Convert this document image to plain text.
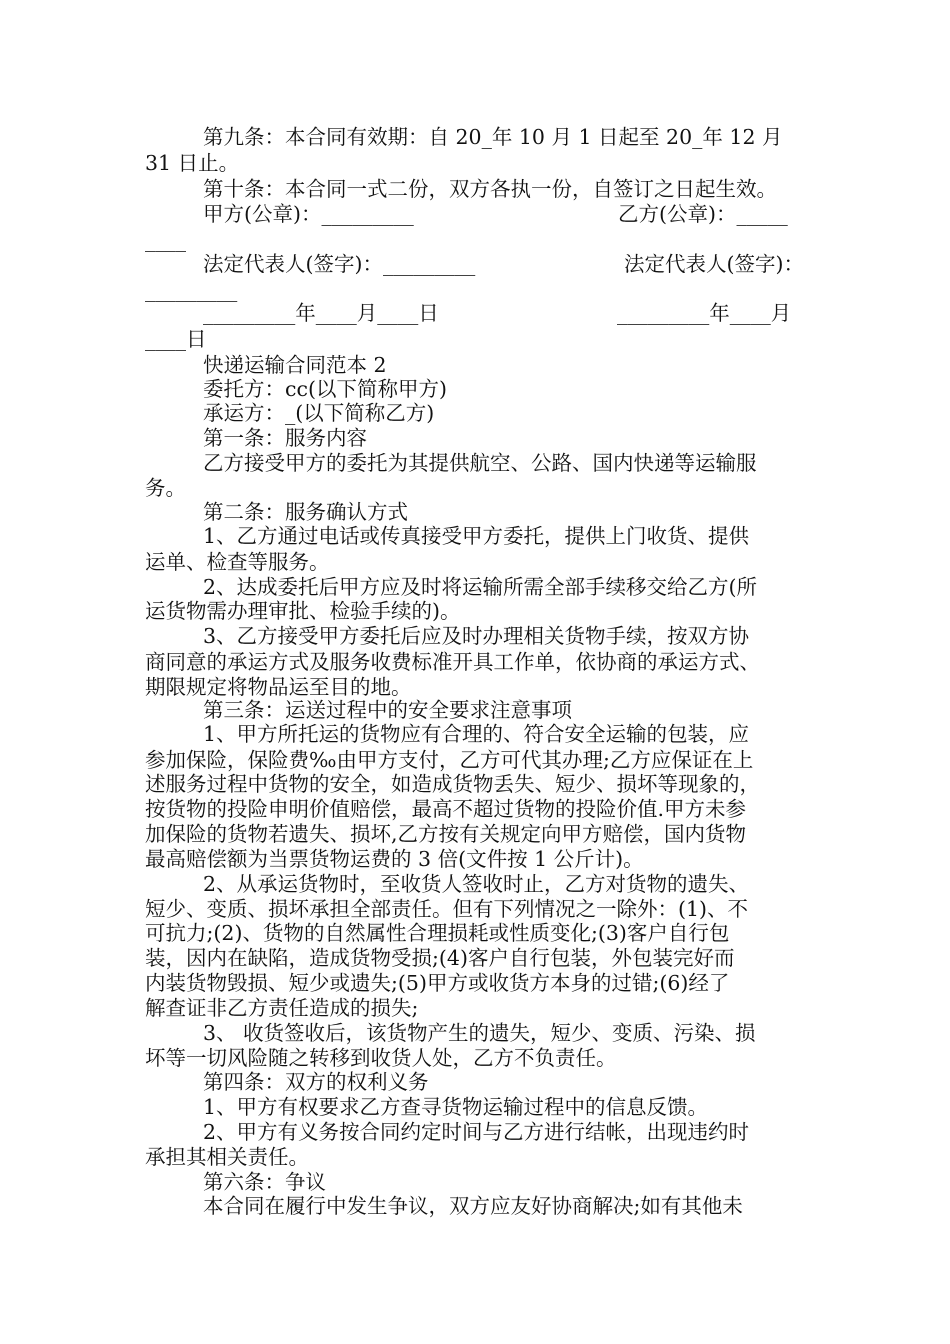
第九条：本合同有效期：自 20_年 10 月 1 日起至 20_年 12 月
31 日止。
第十条：本合同一式二份，双方各执一份，自签订之日起生效。
甲方(公章)：_________	乙方(公章)：_____
____
法定代表人(签字)：_________	法定代表人(签字)：
_________
_________年____月____日	_________年____月
____日
快递运输合同范本 2
委托方：cc(以下简称甲方)
承运方：_(以下简称乙方)
第一条：服务内容
乙方接受甲方的委托为其提供航空、公路、国内快递等运输服
务。
第二条：服务确认方式
1、乙方通过电话或传真接受甲方委托，提供上门收货、提供
运单、检查等服务。
2、达成委托后甲方应及时将运输所需全部手续移交给乙方(所
运货物需办理审批、检验手续的)。
3、乙方接受甲方委托后应及时办理相关货物手续，按双方协
商同意的承运方式及服务收费标准开具工作单，依协商的承运方式、
期限规定将物品运至目的地。
第三条：运送过程中的安全要求注意事项
1、甲方所托运的货物应有合理的、符合安全运输的包装，应
参加保险，保险费‰由甲方支付，乙方可代其办理;乙方应保证在上
述服务过程中货物的安全，如造成货物丢失、短少、损坏等现象的，
按货物的投险申明价值赔偿，最高不超过货物的投险价值.甲方未参
加保险的货物若遗失、损坏,乙方按有关规定向甲方赔偿，国内货物
最高赔偿额为当票货物运费的 3 倍(文件按 1 公斤计)。
2、从承运货物时，至收货人签收时止，乙方对货物的遗失、
短少、变质、损坏承担全部责任。但有下列情况之一除外：(1)、不
可抗力;(2)、货物的自然属性合理损耗或性质变化;(3)客户自行包
装，因内在缺陷，造成货物受损;(4)客户自行包装，外包装完好而
内装货物毁损、短少或遗失;(5)甲方或收货方本身的过错;(6)经了
解查证非乙方责任造成的损失;
3、 收货签收后，该货物产生的遗失，短少、变质、污染、损
坏等一切风险随之转移到收货人处，乙方不负责任。
第四条：双方的权利义务
1、甲方有权要求乙方查寻货物运输过程中的信息反馈。
2、甲方有义务按合同约定时间与乙方进行结帐，出现违约时
承担其相关责任。
第六条：争议
本合同在履行中发生争议，双方应友好协商解决;如有其他未
